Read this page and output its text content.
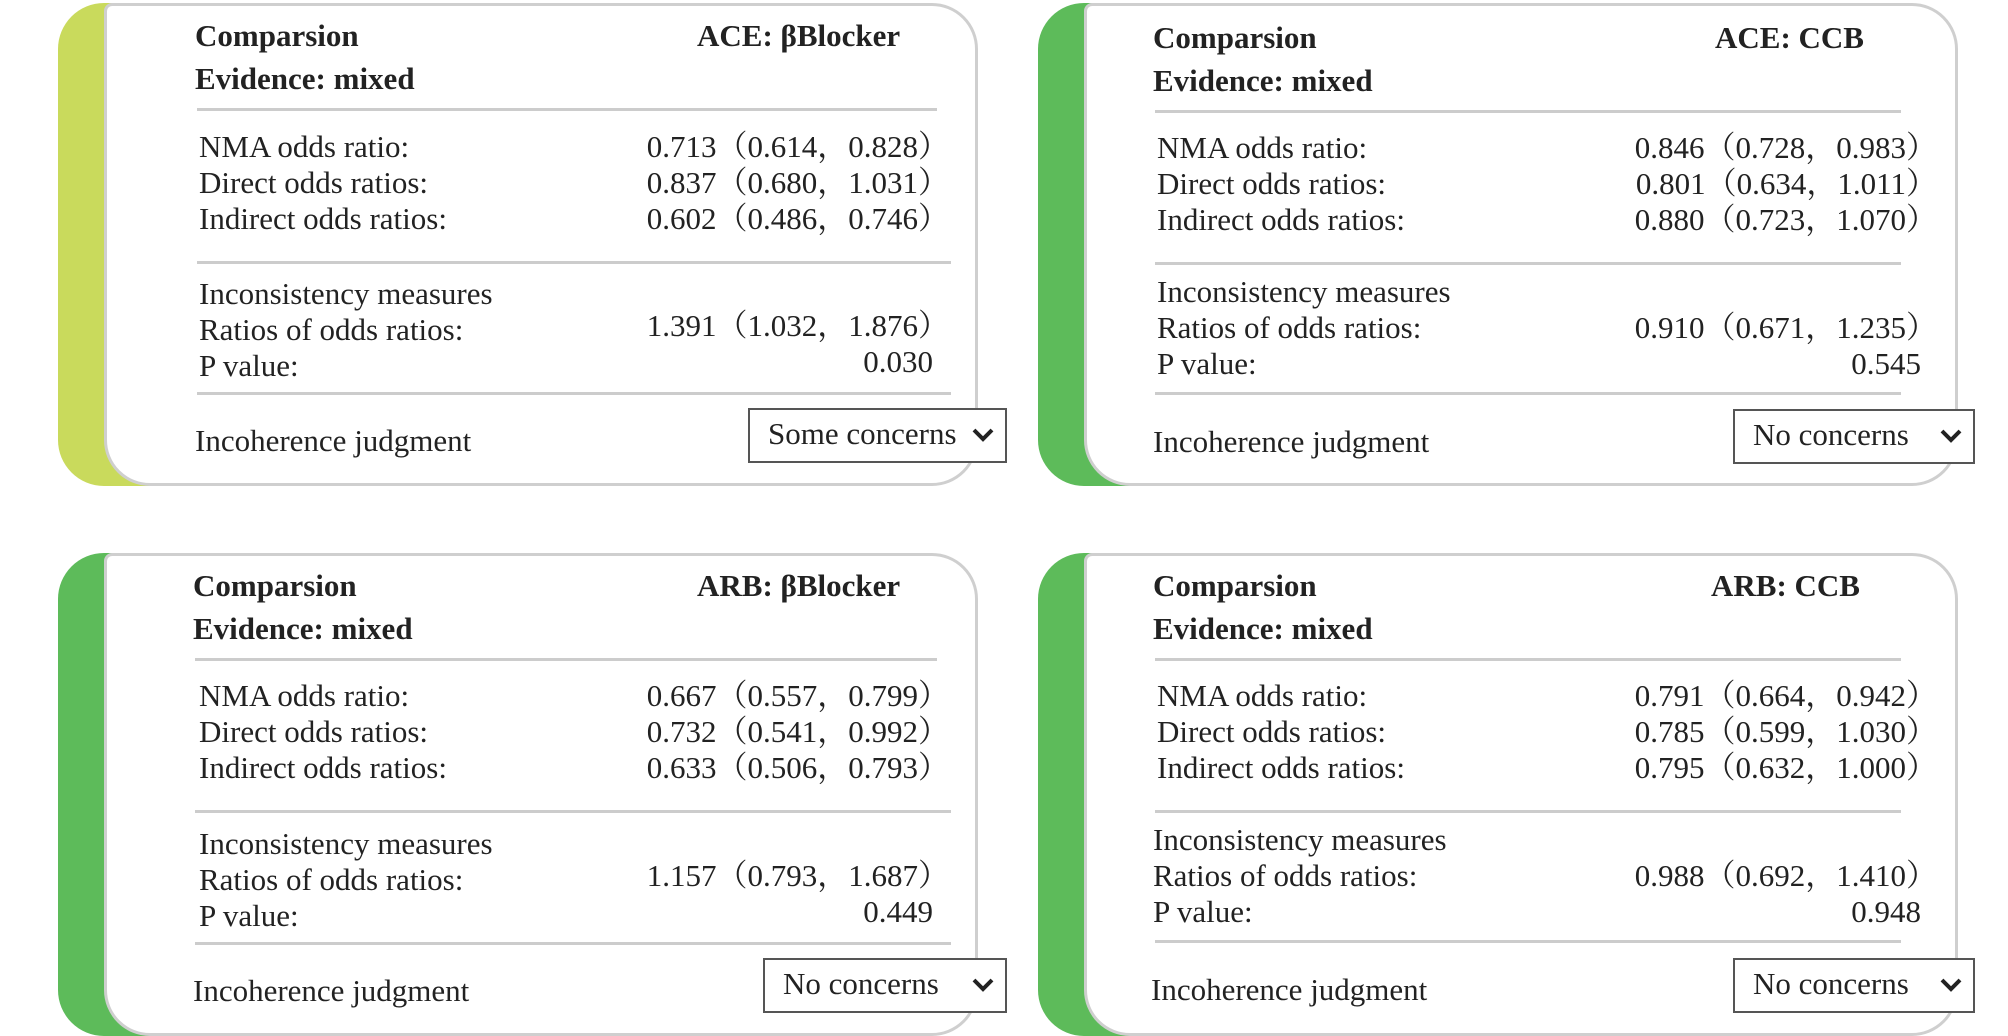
Comparsion	ACE: βBlocker
Evidence: mixed
NMA odds ratio:	0.713（0.614，0.828）
Direct odds ratios:	0.837（0.680，1.031）
Indirect odds ratios:	0.602（0.486，0.746）
Inconsistency measures
Ratios of odds ratios:	1.391（1.032，1.876）
P value:	0.030
Incoherence judgment	Some concerns
Comparsion	ACE: CCB
Evidence: mixed
NMA odds ratio:	0.846（0.728，0.983）
Direct odds ratios:	0.801（0.634，1.011）
Indirect odds ratios:	0.880（0.723，1.070）
Inconsistency measures
Ratios of odds ratios:	0.910（0.671，1.235）
P value:	0.545
Incoherence judgment	No concerns
Comparsion	ARB: βBlocker
Evidence: mixed
NMA odds ratio:	0.667（0.557，0.799）
Direct odds ratios:	0.732（0.541，0.992）
Indirect odds ratios:	0.633（0.506，0.793）
Inconsistency measures
Ratios of odds ratios:	1.157（0.793，1.687）
P value:	0.449
Incoherence judgment	No concerns
Comparsion	ARB: CCB
Evidence: mixed
NMA odds ratio:	0.791（0.664，0.942）
Direct odds ratios:	0.785（0.599，1.030）
Indirect odds ratios:	0.795（0.632，1.000）
Inconsistency measures
Ratios of odds ratios:	0.988（0.692，1.410）
P value:	0.948
Incoherence judgment	No concerns
